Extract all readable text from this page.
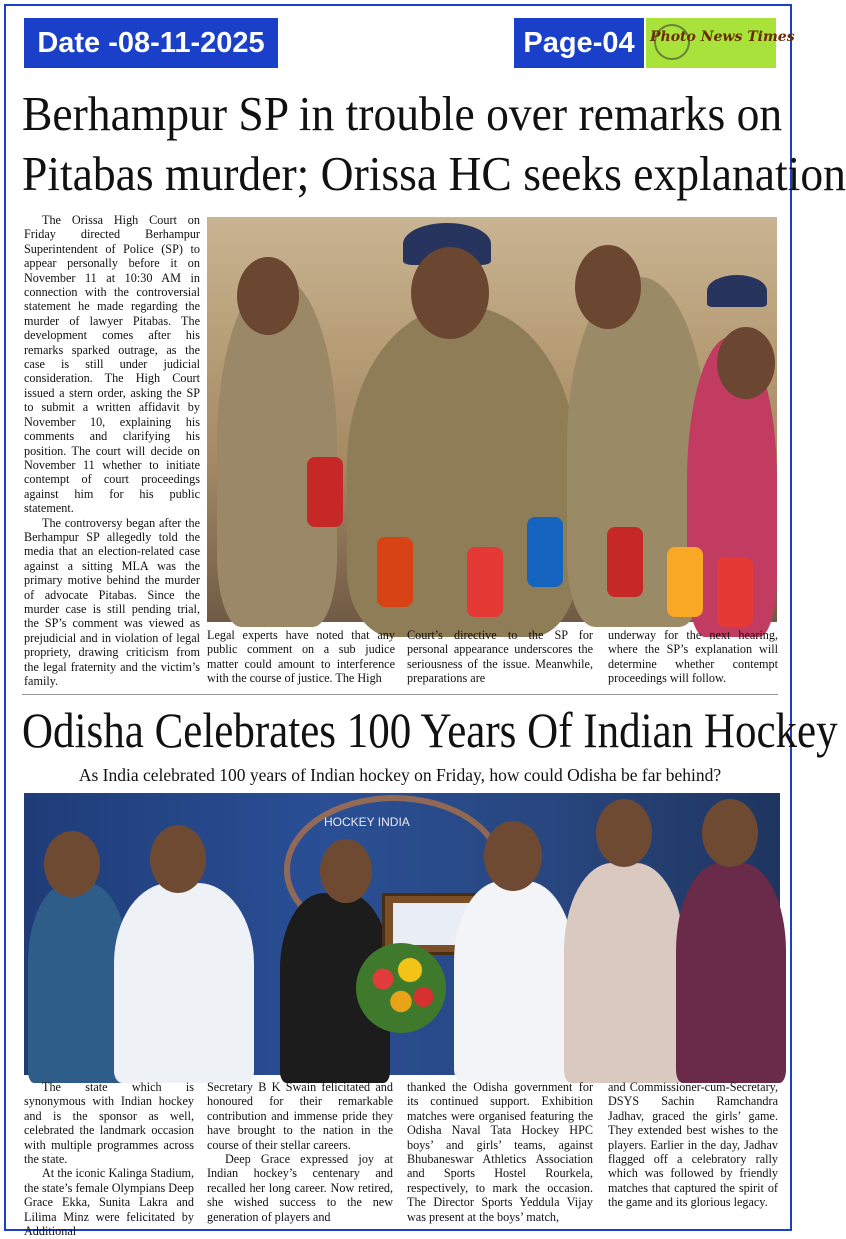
Date -08-11-2025	Page-04	Photo News Times
Berhampur SP in trouble over remarks on
Pitabas murder; Orissa HC seeks explanation

The Orissa High Court on Friday directed Berhampur Superintendent of Police (SP) to appear personally before it on November 11 at 10:30 AM in connection with the controversial statement he made regarding the murder of lawyer Pitabas. The development comes after his remarks sparked outrage, as the case is still under judicial consideration. The High Court issued a stern order, asking the SP to submit a written affidavit by November 10, explaining his comments and clarifying his position. The court will decide on November 11 whether to initiate contempt of court proceedings against him for his public statement.

The controversy began after the Berhampur SP allegedly told the media that an election-related case against a sitting MLA was the primary motive behind the murder of advocate Pitabas. Since the murder case is still pending trial, the SP’s comment was viewed as prejudicial and in violation of legal propriety, drawing criticism from the legal fraternity and the victim’s family.

Legal experts have noted that any public comment on a sub judice matter could amount to interference with the course of justice. The High

Court’s directive to the SP for personal appearance underscores the seriousness of the issue. Meanwhile, preparations are

underway for the next hearing, where the SP’s explanation will determine whether contempt proceedings will follow.

Odisha Celebrates 100 Years Of Indian Hockey
As India celebrated 100 years of Indian hockey on Friday, how could Odisha be far behind?
HOCKEY INDIA

The state which is synonymous with Indian hockey and is the sponsor as well, celebrated the landmark occasion with multiple programmes across the state.

At the iconic Kalinga Stadium, the state’s female Olympians Deep Grace Ekka, Sunita Lakra and Lilima Minz were felicitated by Additional

Secretary B K Swain felicitated and honoured for their remarkable contribution and immense pride they have brought to the nation in the course of their stellar careers.

Deep Grace expressed joy at Indian hockey’s centenary and recalled her long career. Now retired, she wished success to the new generation of players and

thanked the Odisha government for its continued support. Exhibition matches were organised featuring the Odisha Naval Tata Hockey HPC boys’ and girls’ teams, against Bhubaneswar Athletics Association and Sports Hostel Rourkela, respectively, to mark the occasion. The Director Sports Yeddula Vijay was present at the boys’ match,

and Commissioner-cum-Secretary, DSYS Sachin Ramchandra Jadhav, graced the girls’ game. They extended best wishes to the players. Earlier in the day, Jadhav flagged off a celebratory rally which was followed by friendly matches that captured the spirit of the game and its glorious legacy.
